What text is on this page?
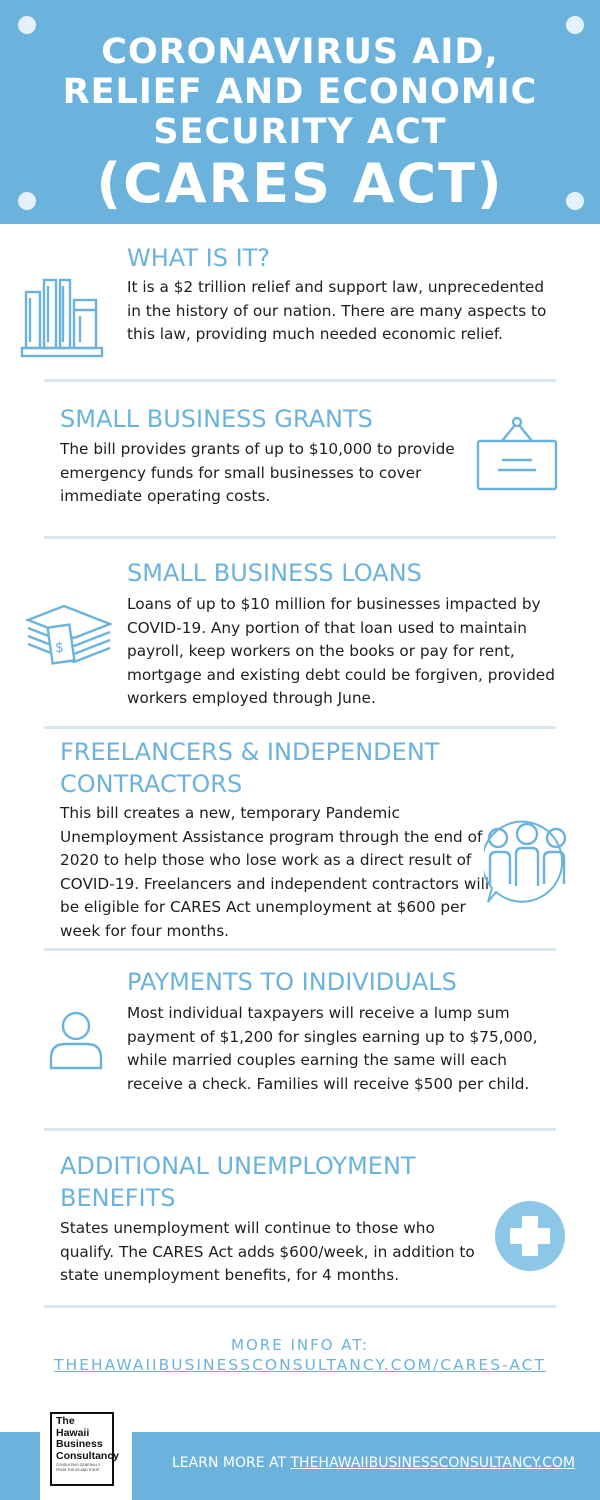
CORONAVIRUS AID,
RELIEF AND ECONOMIC
SECURITY ACT
(CARES ACT)
WHAT IS IT?
It is a $2 trillion relief and support law, unprecedented in the history of our nation. There are many aspects to this law, providing much needed economic relief.
SMALL BUSINESS GRANTS
The bill provides grants of up to $10,000 to provide emergency funds for small businesses to cover immediate operating costs.
$
SMALL BUSINESS LOANS
Loans of up to $10 million for businesses impacted by COVID-19. Any portion of that loan used to maintain payroll, keep workers on the books or pay for rent, mortgage and existing debt could be forgiven, provided workers employed through June.
FREELANCERS & INDEPENDENT
CONTRACTORS
This bill creates a new, temporary Pandemic Unemployment Assistance program through the end of 2020 to help those who lose work as a direct result of COVID-19. Freelancers and independent contractors will be eligible for CARES Act unemployment at $600 per week for four months.
PAYMENTS TO INDIVIDUALS
Most individual taxpayers will receive a lump sum payment of $1,200 for singles earning up to $75,000, while married couples earning the same will each receive a check. Families will receive $500 per child.
ADDITIONAL UNEMPLOYMENT
BENEFITS
States unemployment will continue to those who qualify. The CARES Act adds $600/week, in addition to state unemployment benefits, for 4 months.
MORE INFO AT:
THEHAWAIIBUSINESSCONSULTANCY.COM/CARES-ACT
The
Hawaii
Business
Consultancy
CONSULTING GENERALLY FROM THE ISLAND STATE	LEARN MORE AT THEHAWAIIBUSINESSCONSULTANCY.COM
